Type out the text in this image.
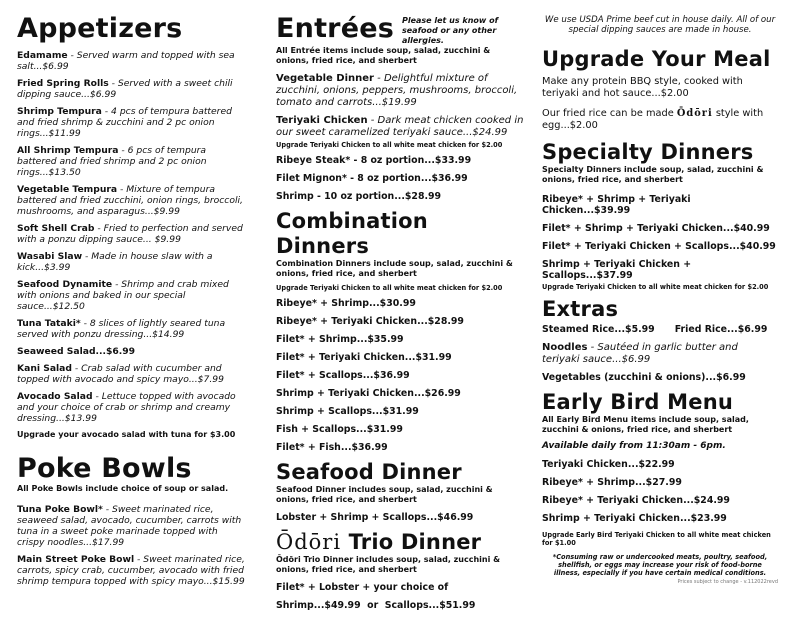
Appetizers

Edamame - Served warm and topped with sea salt...$6.99

Fried Spring Rolls - Served with a sweet chili dipping sauce...$6.99

Shrimp Tempura - 4 pcs of tempura battered and fried shrimp & zucchini and 2 pc onion rings...$11.99

All Shrimp Tempura - 6 pcs of tempura battered and fried shrimp and 2 pc onion rings...$13.50

Vegetable Tempura - Mixture of tempura battered and fried zucchini, onion rings, broccoli, mushrooms, and asparagus...$9.99

Soft Shell Crab - Fried to perfection and served with a ponzu dipping sauce... $9.99

Wasabi Slaw - Made in house slaw with a kick...$3.99

Seafood Dynamite - Shrimp and crab mixed with onions and baked in our special sauce...$12.50

Tuna Tataki* - 8 slices of lightly seared tuna served with ponzu dressing...$14.99

Seaweed Salad...$6.99

Kani Salad - Crab salad with cucumber and topped with avocado and spicy mayo...$7.99

Avocado Salad - Lettuce topped with avocado and your choice of crab or shrimp and creamy dressing...$13.99

Upgrade your avocado salad with tuna for $3.00

Poke Bowls

All Poke Bowls include choice of soup or salad.

Tuna Poke Bowl* - Sweet marinated rice, seaweed salad, avocado, cucumber, carrots with tuna in a sweet poke marinade topped with crispy noodles...$17.99

Main Street Poke Bowl - Sweet marinated rice, carrots, spicy crab, cucumber, avocado with fried shrimp tempura topped with spicy mayo...$15.99

Entrées Please let us know of seafood or any other allergies.

All Entrée items include soup, salad, zucchini & onions, fried rice, and sherbert

Vegetable Dinner - Delightful mixture of zucchini, onions, peppers, mushrooms, broccoli, tomato and carrots...$19.99

Teriyaki Chicken - Dark meat chicken cooked in our sweet caramelized teriyaki sauce...$24.99

Upgrade Teriyaki Chicken to all white meat chicken for $2.00

Ribeye Steak* - 8 oz portion...$33.99

Filet Mignon* - 8 oz portion...$36.99

Shrimp - 10 oz portion...$28.99

Combination Dinners

Combination Dinners include soup, salad, zucchini & onions, fried rice, and sherbert

Upgrade Teriyaki Chicken to all white meat chicken for $2.00

Ribeye* + Shrimp...$30.99

Ribeye* + Teriyaki Chicken...$28.99

Filet* + Shrimp...$35.99

Filet* + Teriyaki Chicken...$31.99

Filet* + Scallops...$36.99

Shrimp + Teriyaki Chicken...$26.99

Shrimp + Scallops...$31.99

Fish + Scallops...$31.99

Filet* + Fish...$36.99

Seafood Dinner

Seafood Dinner includes soup, salad, zucchini & onions, fried rice, and sherbert

Lobster + Shrimp + Scallops...$46.99

Ōdōri Trio Dinner

Ōdōri Trio Dinner includes soup, salad, zucchini & onions, fried rice, and sherbert

Filet* + Lobster + your choice of

Shrimp...$49.99  or  Scallops...$51.99

We use USDA Prime beef cut in house daily. All of our special dipping sauces are made in house.

Upgrade Your Meal

Make any protein BBQ style, cooked with teriyaki and hot sauce...$2.00

Our fried rice can be made Ōdōri style with egg...$2.00

Specialty Dinners

Specialty Dinners include soup, salad, zucchini & onions, fried rice, and sherbert

Ribeye* + Shrimp + Teriyaki Chicken...$39.99

Filet* + Shrimp + Teriyaki Chicken...$40.99

Filet* + Teriyaki Chicken + Scallops...$40.99

Shrimp + Teriyaki Chicken + Scallops...$37.99

Upgrade Teriyaki Chicken to all white meat chicken for $2.00

Extras

Steamed Rice...$5.99 Fried Rice...$6.99

Noodles - Sautéed in garlic butter and teriyaki sauce...$6.99

Vegetables (zucchini & onions)...$6.99

Early Bird Menu

All Early Bird Menu items include soup, salad, zucchini & onions, fried rice, and sherbert

Available daily from 11:30am - 6pm.

Teriyaki Chicken...$22.99

Ribeye* + Shrimp...$27.99

Ribeye* + Teriyaki Chicken...$24.99

Shrimp + Teriyaki Chicken...$23.99

Upgrade Early Bird Teriyaki Chicken to all white meat chicken for $1.00

*Consuming raw or undercooked meats, poultry, seafood, shellfish, or eggs may increase your risk of food-borne illness, especially if you have certain medical conditions.

Prices subject to change - v.112022revd
